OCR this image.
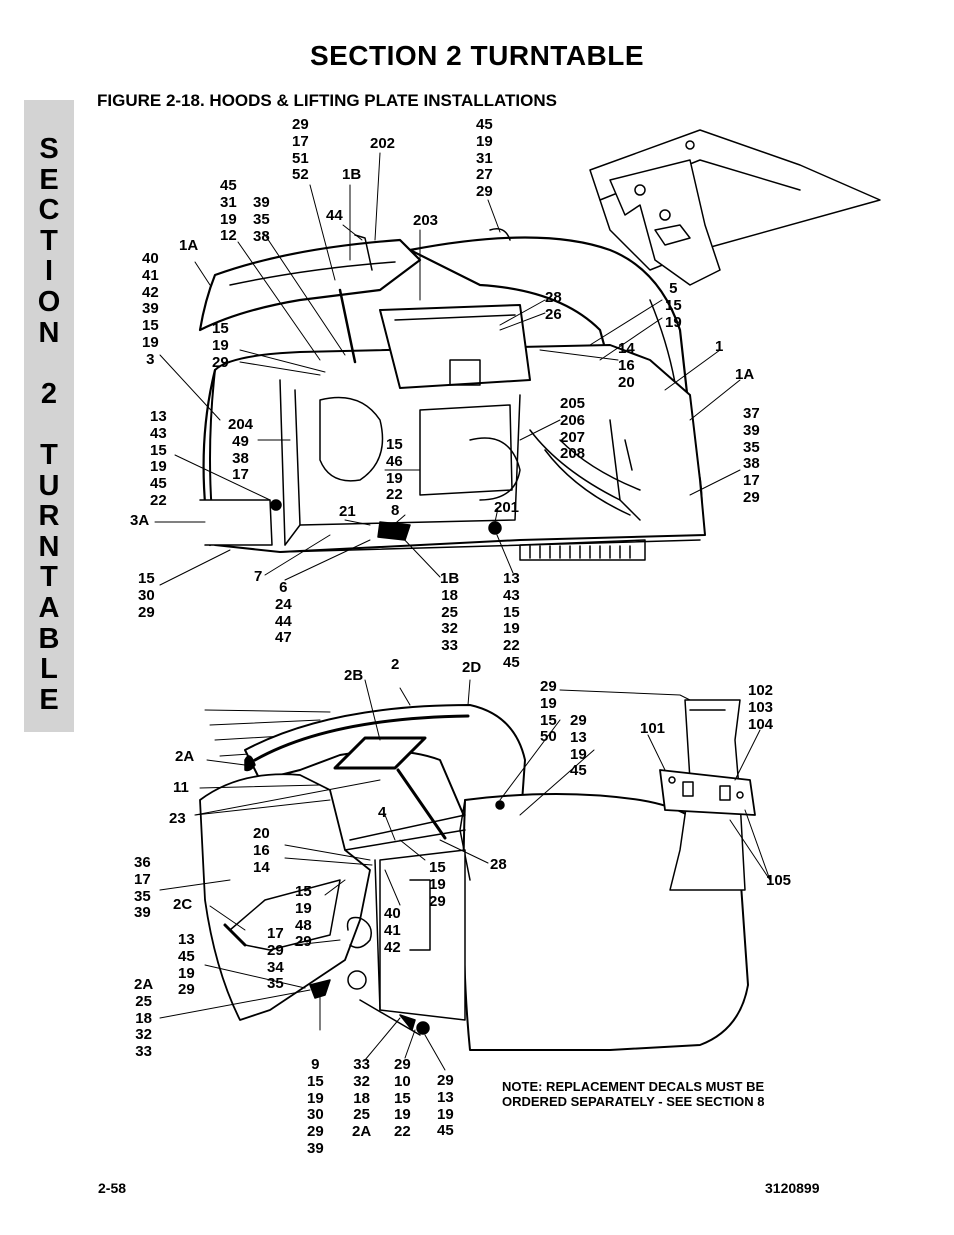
SECTION 2 TURNTABLE
FIGURE 2-18. HOODS & LIFTING PLATE INSTALLATIONS
S
E
C
T
I
O
N
2
T
U
R
N
T
A
B
L
E
29
17
51
52
202
45
19
31
27
29
45
31
19
12
39
35
38
1B
44	203
1A
40
41
42
39
15
19
3
28
26
5
15
19
15
19
29
14
16
20
1
1A
205
206
207
208
37
39
35
38
17
29
13
43
15
19
45
22
204
49
38
17
15
46
19
22
8	201
21
3A
15
30
29
7
6
24
44
47
1B
18
25
32
33
13
43
15
19
22
45
2B
2	2D
29
19
15
50
29
13
19
45
101
102
103
104
2A
11
23	4
20
16
14	15
19
29
28
36
17
35
39
15
19
48
29
2C
40
41
42
105
13
45
19
29
17
29
34
35
2A
25
18
32
33
9
15
19
30
29
39
33
32
18
25
2A
29
10
15
19
22
29
13
19
45
NOTE: REPLACEMENT DECALS MUST BE
ORDERED SEPARATELY - SEE SECTION 8
2-58	3120899
